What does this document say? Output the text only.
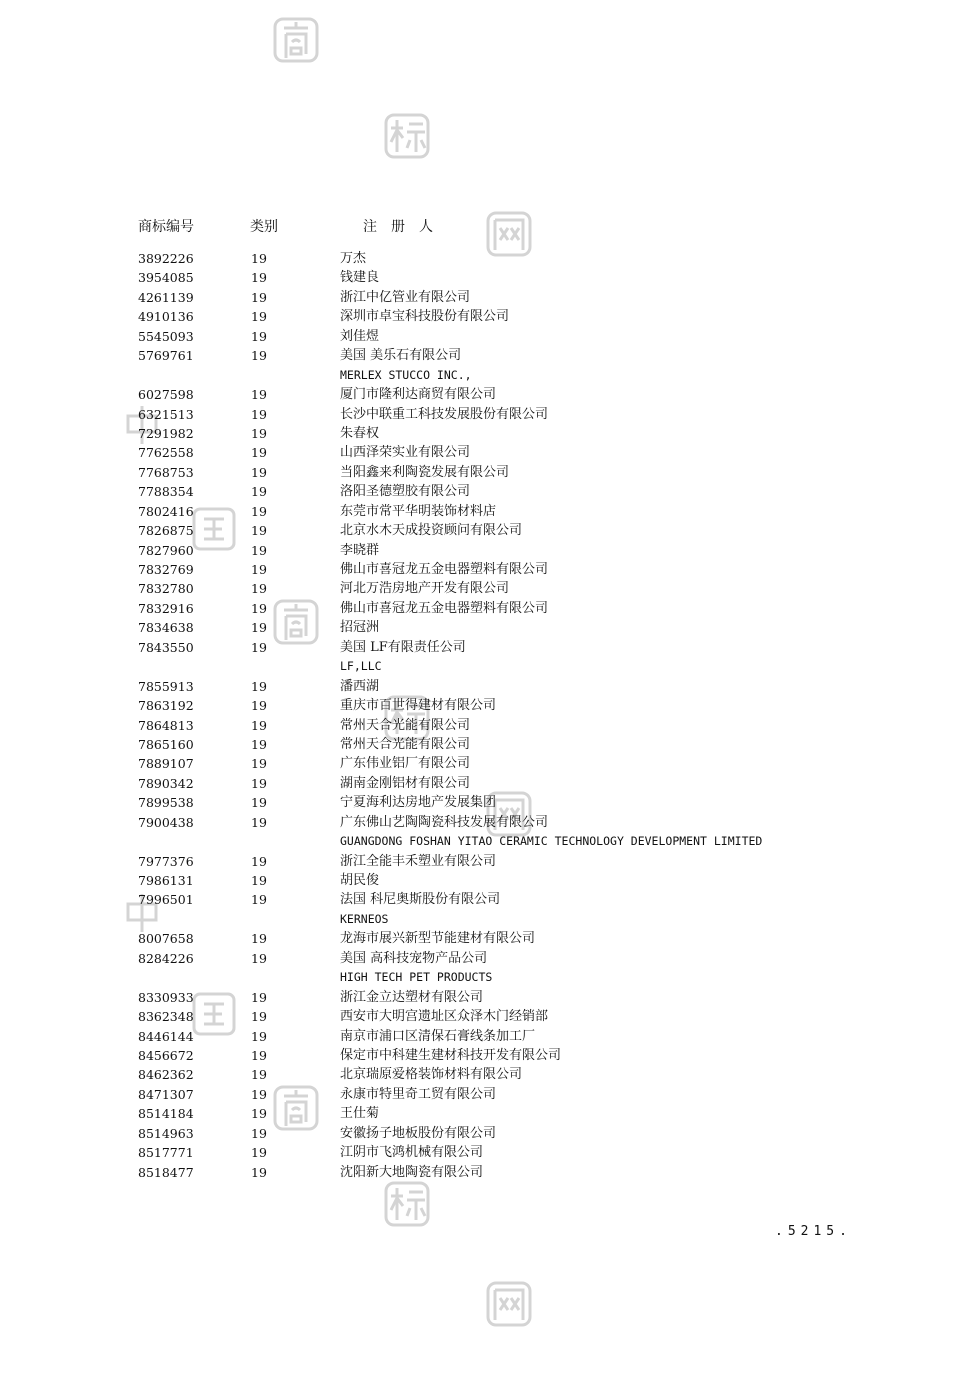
商标编号	类别	注册人
3892226	19	万杰
3954085	19	钱建良
4261139	19	浙江中亿管业有限公司
4910136	19	深圳市卓宝科技股份有限公司
5545093	19	刘佳煜
5769761	19	美国 美乐石有限公司
MERLEX STUCCO INC.,
6027598	19	厦门市隆利达商贸有限公司
6321513	19	长沙中联重工科技发展股份有限公司
7291982	19	朱春权
7762558	19	山西泽荣实业有限公司
7768753	19	当阳鑫来利陶瓷发展有限公司
7788354	19	洛阳圣德塑胶有限公司
7802416	19	东莞市常平华明装饰材料店
7826875	19	北京水木天成投资顾问有限公司
7827960	19	李晓群
7832769	19	佛山市喜冠龙五金电器塑料有限公司
7832780	19	河北万浩房地产开发有限公司
7832916	19	佛山市喜冠龙五金电器塑料有限公司
7834638	19	招冠洲
7843550	19	美国 LF有限责任公司
LF,LLC
7855913	19	潘西湖
7863192	19	重庆市百世得建材有限公司
7864813	19	常州天合光能有限公司
7865160	19	常州天合光能有限公司
7889107	19	广东伟业铝厂有限公司
7890342	19	湖南金刚铝材有限公司
7899538	19	宁夏海利达房地产发展集团
7900438	19	广东佛山艺陶陶瓷科技发展有限公司
GUANGDONG FOSHAN YITAO CERAMIC TECHNOLOGY DEVELOPMENT LIMITED
7977376	19	浙江全能丰禾塑业有限公司
7986131	19	胡民俊
7996501	19	法国 科尼奥斯股份有限公司
KERNEOS
8007658	19	龙海市展兴新型节能建材有限公司
8284226	19	美国 高科技宠物产品公司
HIGH TECH PET PRODUCTS
8330933	19	浙江金立达塑材有限公司
8362348	19	西安市大明宫遗址区众泽木门经销部
8446144	19	南京市浦口区清保石膏线条加工厂
8456672	19	保定市中科建生建材科技开发有限公司
8462362	19	北京瑞原爱格装饰材料有限公司
8471307	19	永康市特里奇工贸有限公司
8514184	19	王仕菊
8514963	19	安徽扬子地板股份有限公司
8517771	19	江阴市飞鸿机械有限公司
8518477	19	沈阳新大地陶瓷有限公司
.5215.
